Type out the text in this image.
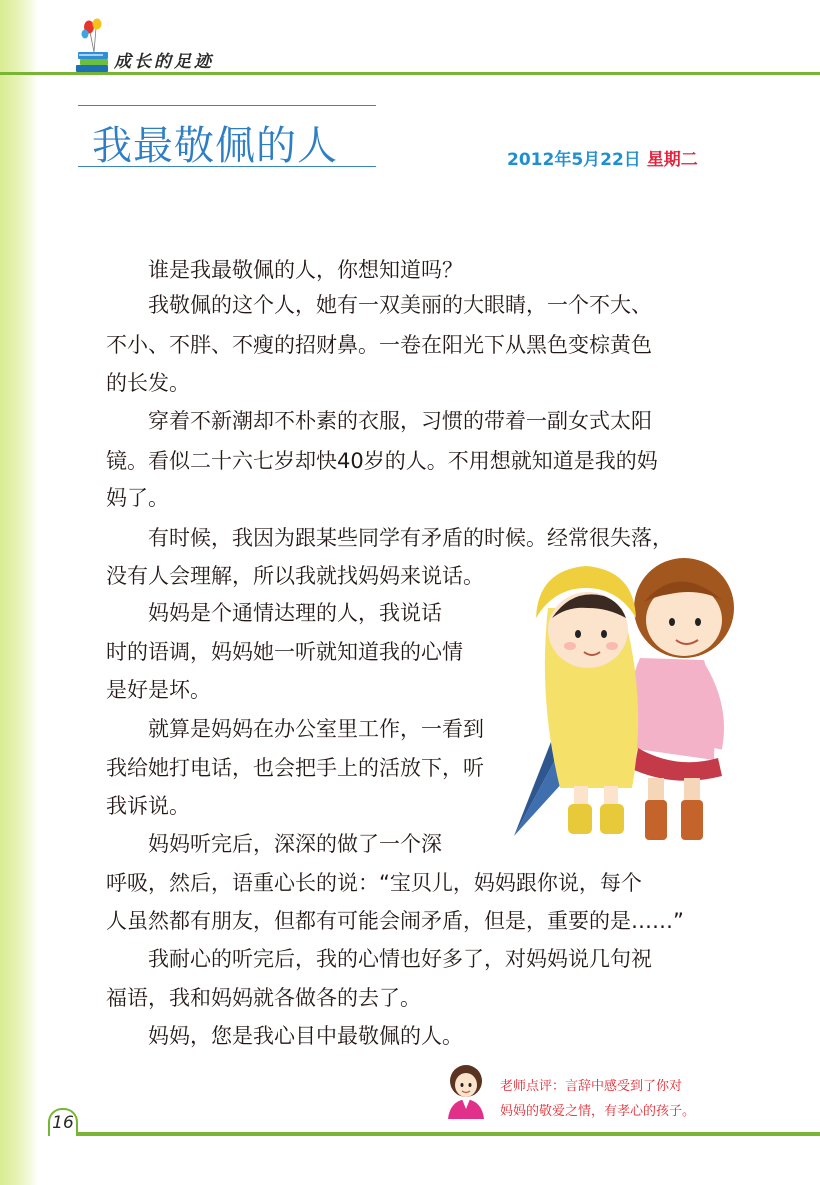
成长的足迹
我最敬佩的人	2012年5月22日 星期二
　　谁是我最敬佩的人，你想知道吗？
　　我敬佩的这个人，她有一双美丽的大眼睛，一个不大、
不小、不胖、不瘦的招财鼻。一卷在阳光下从黑色变棕黄色
的长发。
　　穿着不新潮却不朴素的衣服，习惯的带着一副女式太阳
镜。看似二十六七岁却快40岁的人。不用想就知道是我的妈
妈了。
　　有时候，我因为跟某些同学有矛盾的时候。经常很失落，
没有人会理解，所以我就找妈妈来说话。
　　妈妈是个通情达理的人，我说话
时的语调，妈妈她一听就知道我的心情
是好是坏。
　　就算是妈妈在办公室里工作，一看到
我给她打电话，也会把手上的活放下，听
我诉说。
　　妈妈听完后，深深的做了一个深
呼吸，然后，语重心长的说：“宝贝儿，妈妈跟你说，每个
人虽然都有朋友，但都有可能会闹矛盾，但是，重要的是……”
　　我耐心的听完后，我的心情也好多了，对妈妈说几句祝
福语，我和妈妈就各做各的去了。
　　妈妈，您是我心目中最敬佩的人。
老师点评：言辞中感受到了你对
妈妈的敬爱之情，有孝心的孩子。
16
